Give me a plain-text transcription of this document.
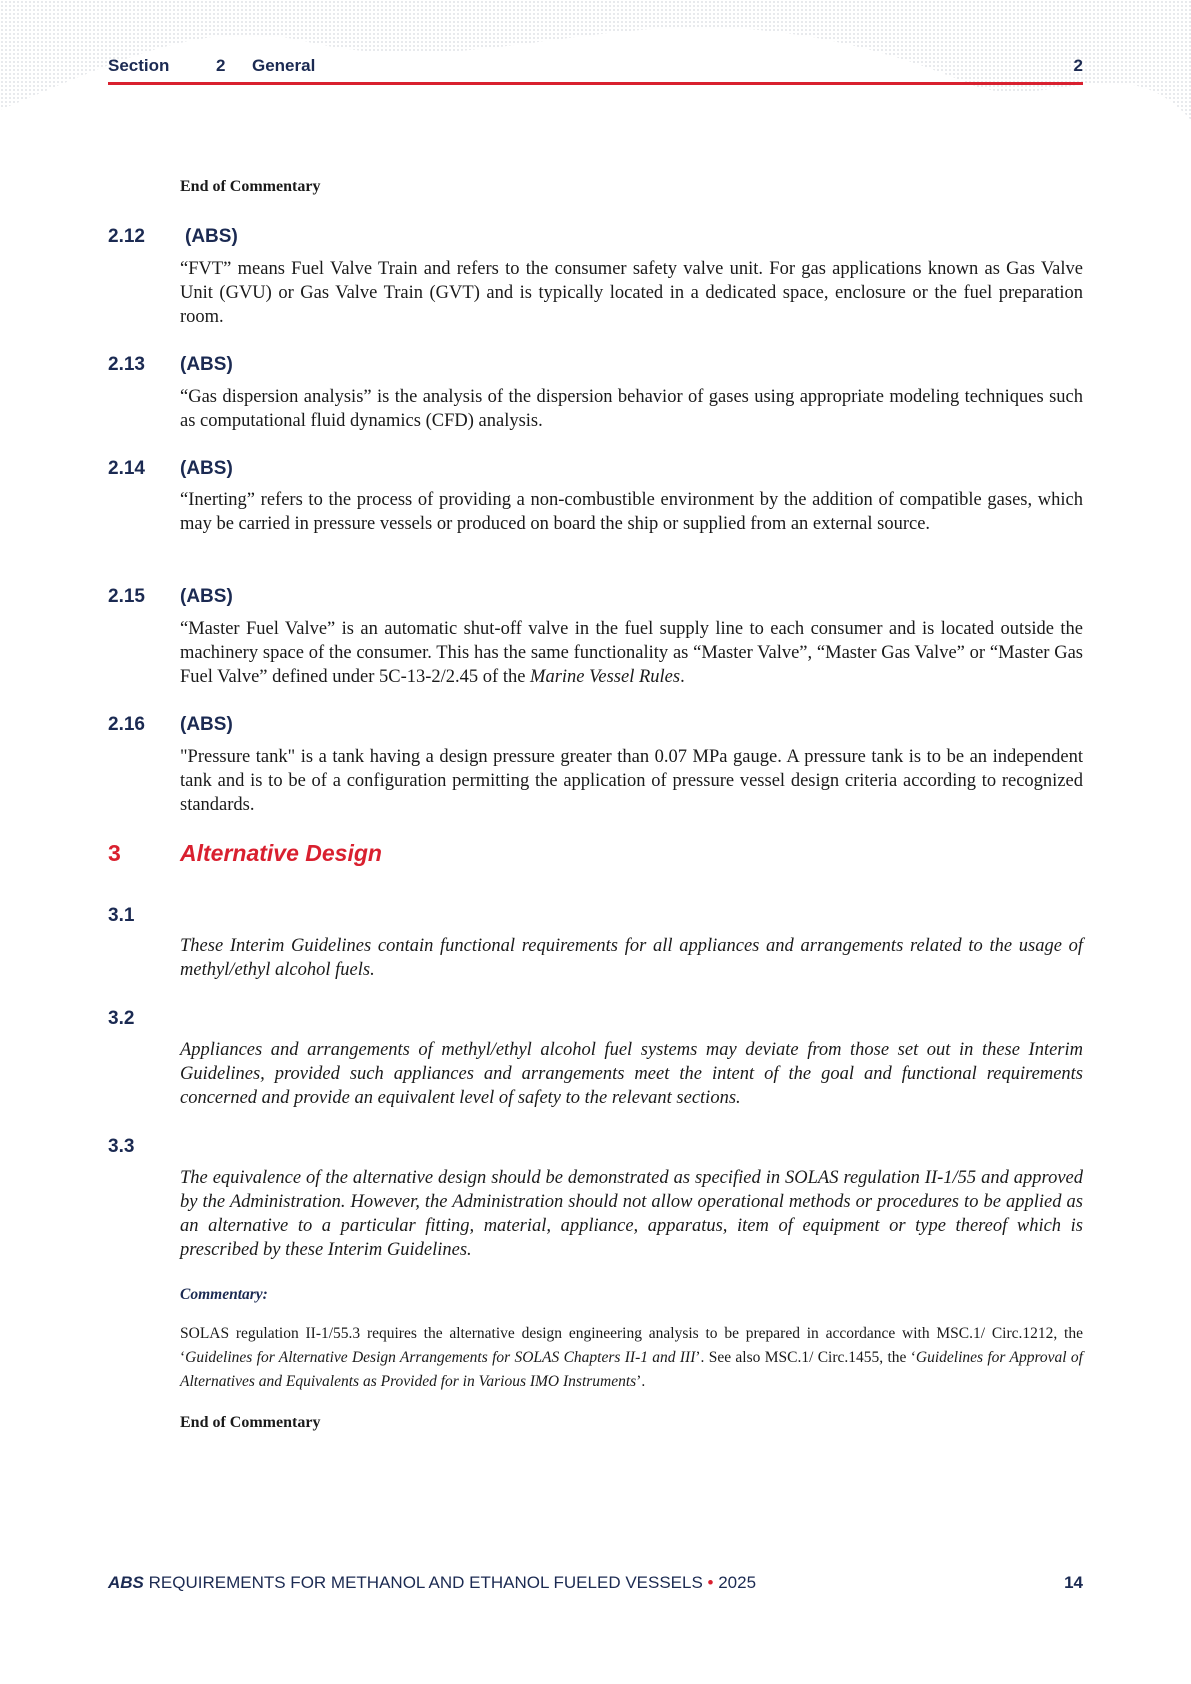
Section	2 General	2
End of Commentary
2.12 (ABS)

“FVT” means Fuel Valve Train and refers to the consumer safety valve unit. For gas applications known as Gas Valve Unit (GVU) or Gas Valve Train (GVT) and is typically located in a dedicated space, enclosure or the fuel preparation room.

2.13 (ABS)

“Gas dispersion analysis” is the analysis of the dispersion behavior of gases using appropriate modeling techniques such as computational fluid dynamics (CFD) analysis.

2.14 (ABS)

“Inerting” refers to the process of providing a non-combustible environment by the addition of compatible gases, which may be carried in pressure vessels or produced on board the ship or supplied from an external source.

2.15 (ABS)

“Master Fuel Valve” is an automatic shut-off valve in the fuel supply line to each consumer and is located outside the machinery space of the consumer. This has the same functionality as “Master Valve”, “Master Gas Valve” or “Master Gas Fuel Valve” defined under 5C-13-2/2.45 of the Marine Vessel Rules.

2.16 (ABS)

"Pressure tank" is a tank having a design pressure greater than 0.07 MPa gauge. A pressure tank is to be an independent tank and is to be of a configuration permitting the application of pressure vessel design criteria according to recognized standards.

3	Alternative Design
3.1

These Interim Guidelines contain functional requirements for all appliances and arrangements related to the usage of methyl/ethyl alcohol fuels.

3.2

Appliances and arrangements of methyl/ethyl alcohol fuel systems may deviate from those set out in these Interim Guidelines, provided such appliances and arrangements meet the intent of the goal and functional requirements concerned and provide an equivalent level of safety to the relevant sections.

3.3

The equivalence of the alternative design should be demonstrated as specified in SOLAS regulation II-1/55 and approved by the Administration. However, the Administration should not allow operational methods or procedures to be applied as an alternative to a particular fitting, material, appliance, apparatus, item of equipment or type thereof which is prescribed by these Interim Guidelines.

Commentary:

SOLAS regulation II-1/55.3 requires the alternative design engineering analysis to be prepared in accordance with MSC.1/ Circ.1212, the ‘Guidelines for Alternative Design Arrangements for SOLAS Chapters II-1 and III’. See also MSC.1/ Circ.1455, the ‘Guidelines for Approval of Alternatives and Equivalents as Provided for in Various IMO Instruments’.

End of Commentary
ABS REQUIREMENTS FOR METHANOL AND ETHANOL FUELED VESSELS • 2025	14
